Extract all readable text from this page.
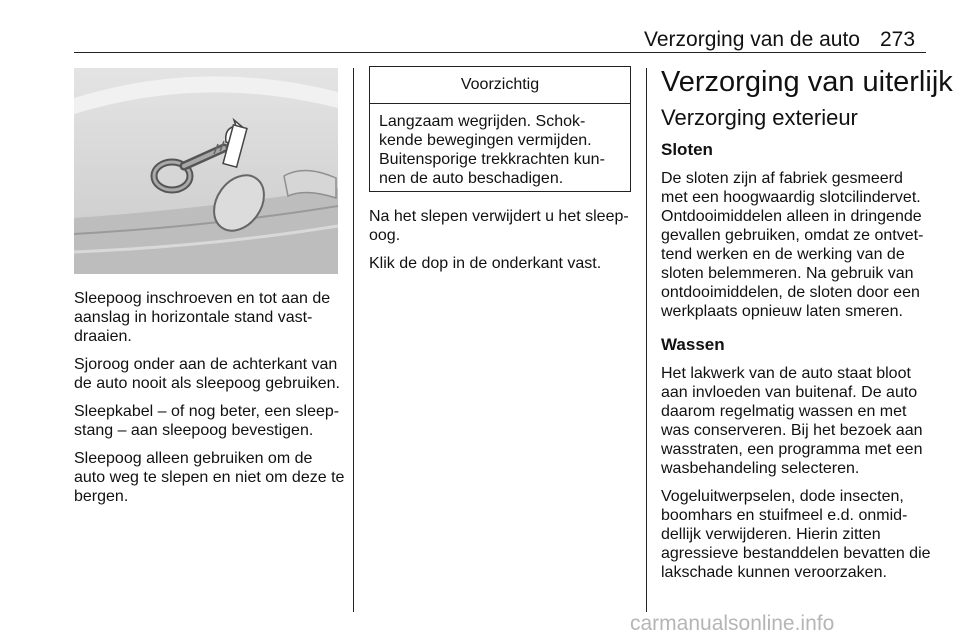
Verzorging van de auto 273

Sleepoog inschroeven en tot aan de aanslag in horizontale stand vastdraaien.

Sjoroog onder aan de achterkant van de auto nooit als sleepoog gebruiken.

Sleepkabel – of nog beter, een sleepstang – aan sleepoog bevestigen.

Sleepoog alleen gebruiken om de auto weg te slepen en niet om deze te bergen.

Voorzichtig
Langzaam wegrijden. Schokkende bewegingen vermijden. Buitensporige trekkrachten kunnen de auto beschadigen.

Na het slepen verwijdert u het sleepoog.

Klik de dop in de onderkant vast.

Verzorging van uiterlijk
Verzorging exterieur
Sloten

De sloten zijn af fabriek gesmeerd met een hoogwaardig slotcilindervet. Ontdooimiddelen alleen in dringende gevallen gebruiken, omdat ze ontvettend werken en de werking van de sloten belemmeren. Na gebruik van ontdooimiddelen, de sloten door een werkplaats opnieuw laten smeren.

Wassen

Het lakwerk van de auto staat bloot aan invloeden van buitenaf. De auto daarom regelmatig wassen en met was conserveren. Bij het bezoek aan wasstraten, een programma met een wasbehandeling selecteren.

Vogeluitwerpselen, dode insecten, boomhars en stuifmeel e.d. onmiddellijk verwijderen. Hierin zitten agressieve bestanddelen bevatten die lakschade kunnen veroorzaken.

carmanualsonline.info
